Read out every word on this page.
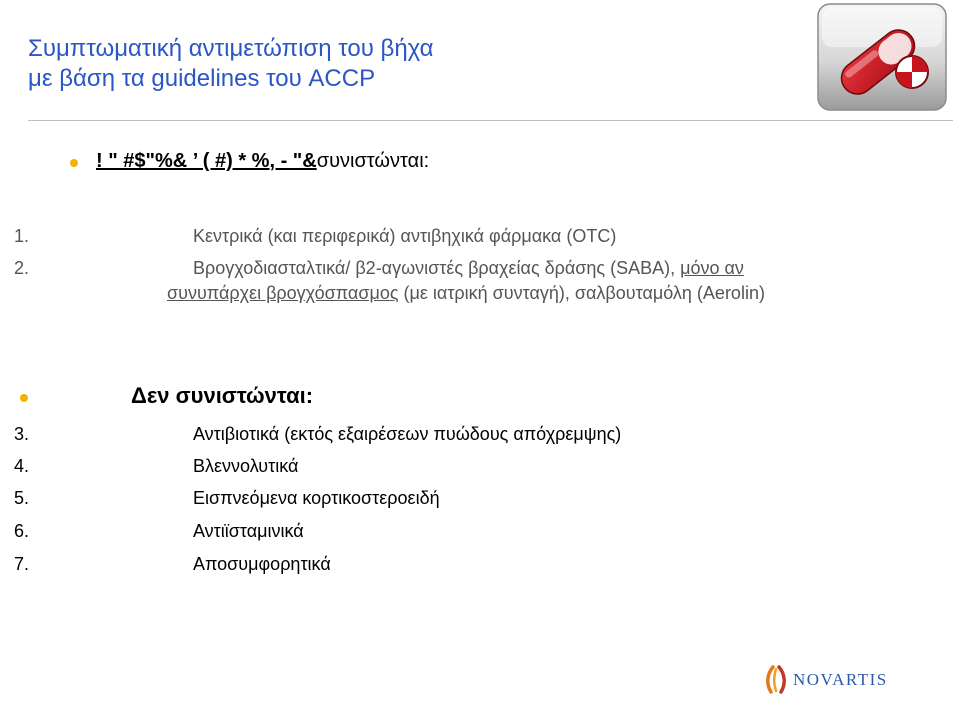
Συμπτωματική αντιμετώπιση του βήχα
με βάση τα guidelines του ACCP
! " #$"%& ’ ( #) * %, - "&συνιστώνται:
1.	Κεντρικά (και περιφερικά) αντιβηχικά φάρμακα (OTC)
2.	Βρογχοδιασταλτικά/ β2-αγωνιστές βραχείας δράσης (SABA), μόνο αν
συνυπάρχει βρογχόσπασμος (με ιατρική συνταγή), σαλβουταμόλη (Aerolin)
Δεν συνιστώνται:
3.	Αντιβιοτικά (εκτός εξαιρέσεων πυώδους απόχρεμψης)
4.	Βλεννολυτικά
5.	Εισπνεόμενα κορτικοστεροειδή
6.	Αντιϊσταμινικά
7.	Αποσυμφορητικά
NOVARTIS
